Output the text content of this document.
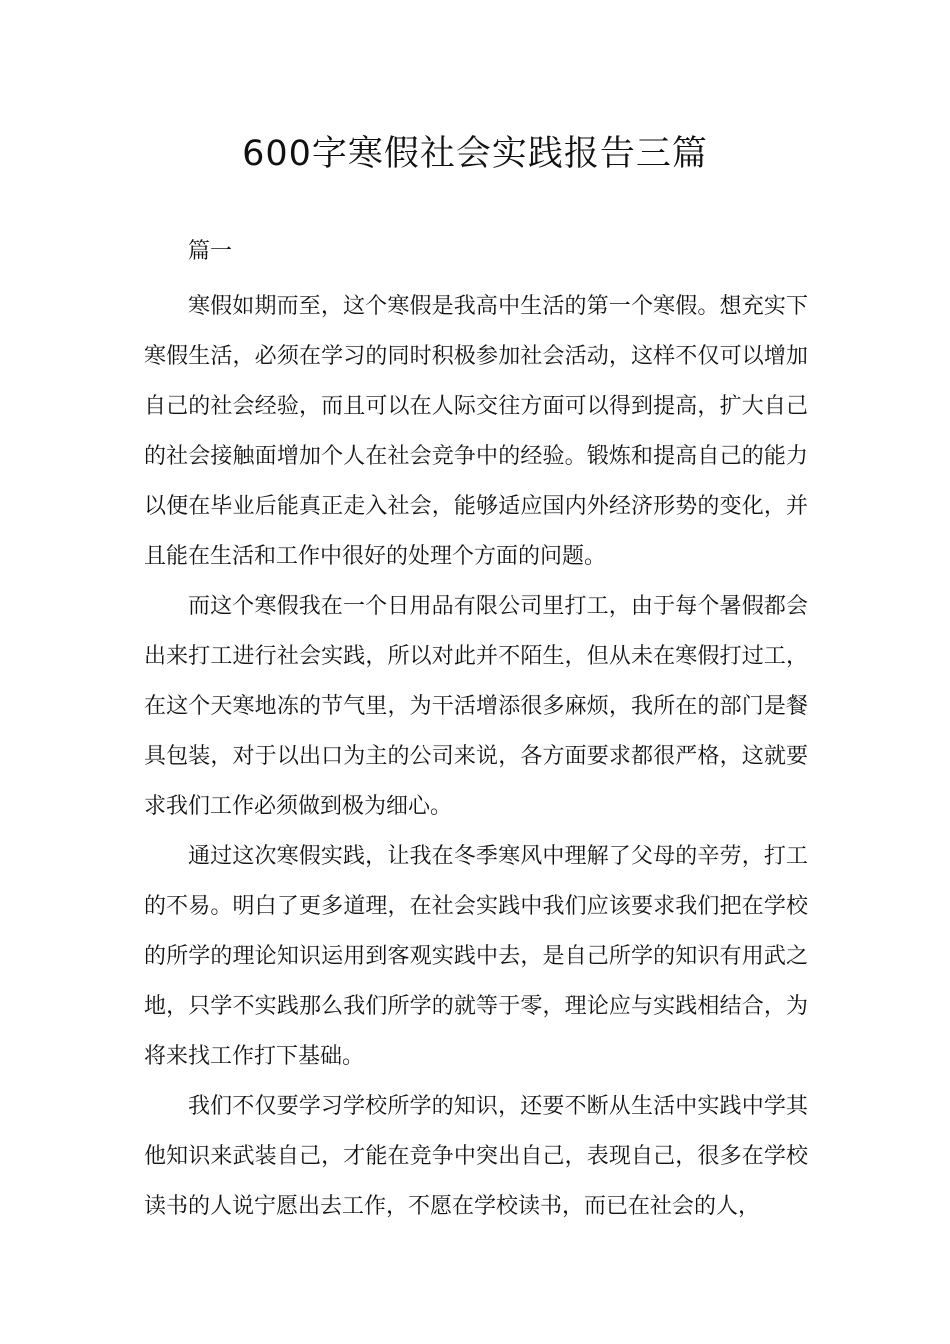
600字寒假社会实践报告三篇
篇一

寒假如期而至，这个寒假是我高中生活的第一个寒假。想充实下寒假生活，必须在学习的同时积极参加社会活动，这样不仅可以增加自己的社会经验，而且可以在人际交往方面可以得到提高，扩大自己的社会接触面增加个人在社会竞争中的经验。锻炼和提高自己的能力以便在毕业后能真正走入社会，能够适应国内外经济形势的变化，并且能在生活和工作中很好的处理个方面的问题。

而这个寒假我在一个日用品有限公司里打工，由于每个暑假都会出来打工进行社会实践，所以对此并不陌生，但从未在寒假打过工，在这个天寒地冻的节气里，为干活增添很多麻烦，我所在的部门是餐具包装，对于以出口为主的公司来说，各方面要求都很严格，这就要求我们工作必须做到极为细心。

通过这次寒假实践，让我在冬季寒风中理解了父母的辛劳，打工的不易。明白了更多道理，在社会实践中我们应该要求我们把在学校的所学的理论知识运用到客观实践中去，是自己所学的知识有用武之地，只学不实践那么我们所学的就等于零，理论应与实践相结合，为将来找工作打下基础。

我们不仅要学习学校所学的知识，还要不断从生活中实践中学其他知识来武装自己，才能在竞争中突出自己，表现自己，很多在学校读书的人说宁愿出去工作，不愿在学校读书，而已在社会的人，
